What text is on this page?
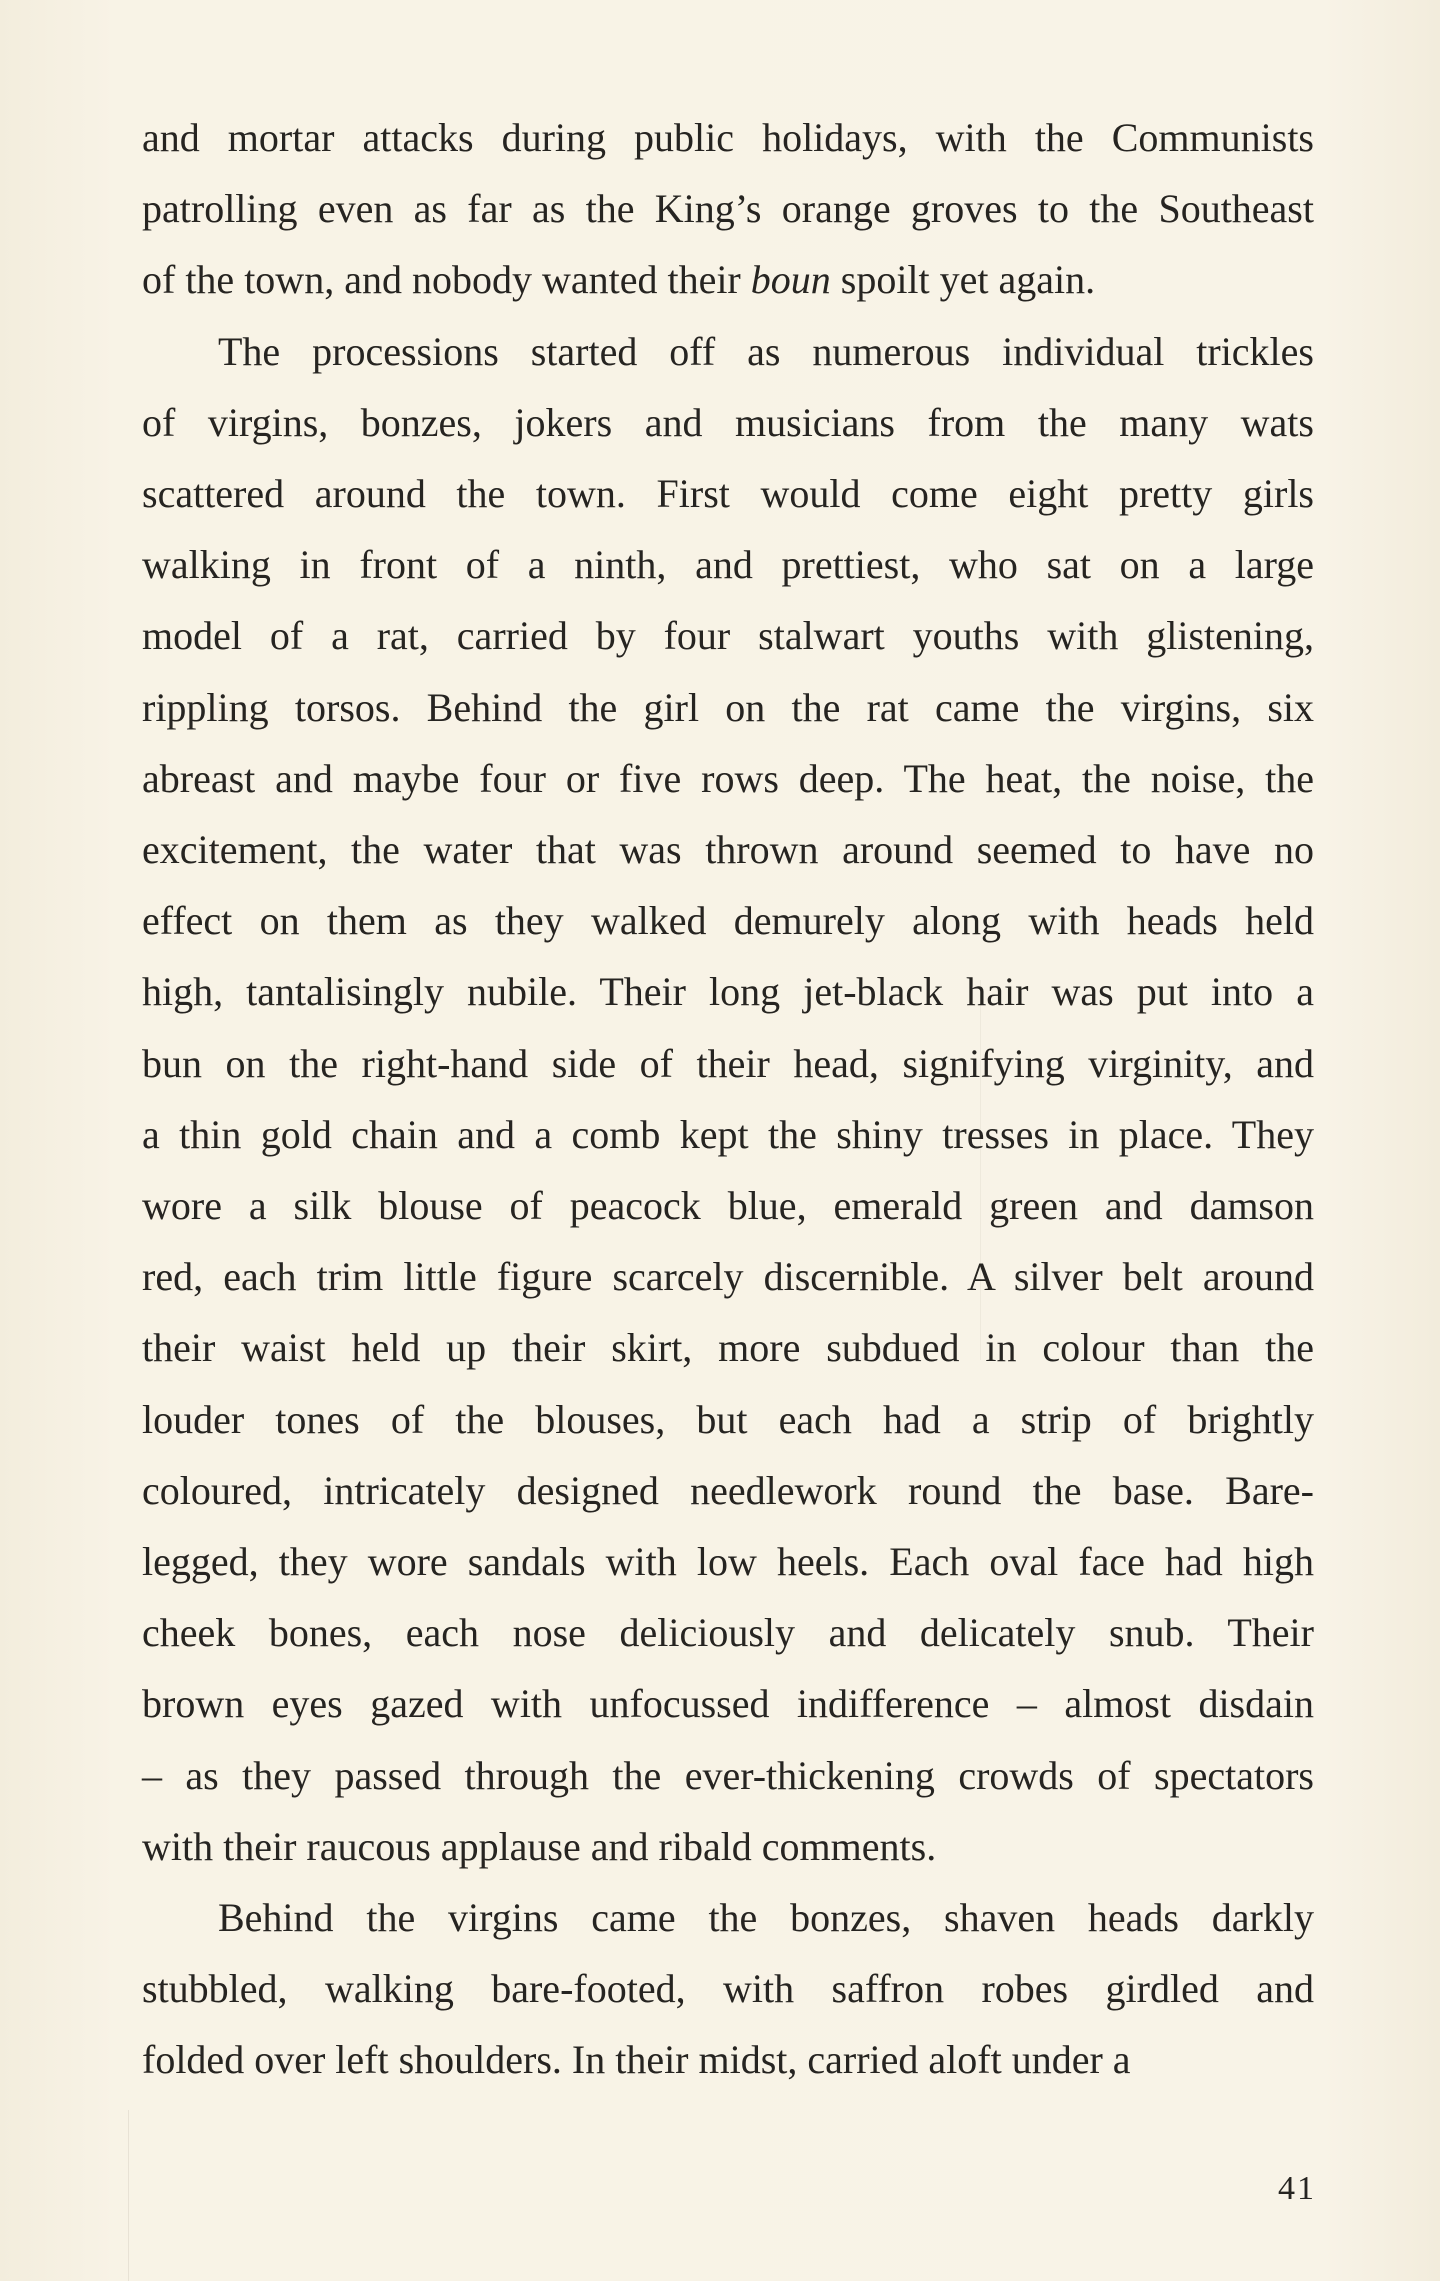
and mortar attacks during public holidays, with the Communists
patrolling even as far as the King’s orange groves to the Southeast
of the town, and nobody wanted their boun spoilt yet again.
The processions started off as numerous individual trickles
of virgins, bonzes, jokers and musicians from the many wats
scattered around the town. First would come eight pretty girls
walking in front of a ninth, and prettiest, who sat on a large
model of a rat, carried by four stalwart youths with glistening,
rippling torsos. Behind the girl on the rat came the virgins, six
abreast and maybe four or five rows deep. The heat, the noise, the
excitement, the water that was thrown around seemed to have no
effect on them as they walked demurely along with heads held
high, tantalisingly nubile. Their long jet-black hair was put into a
bun on the right-hand side of their head, signifying virginity, and
a thin gold chain and a comb kept the shiny tresses in place. They
wore a silk blouse of peacock blue, emerald green and damson
red, each trim little figure scarcely discernible. A silver belt around
their waist held up their skirt, more subdued in colour than the
louder tones of the blouses, but each had a strip of brightly
coloured, intricately designed needlework round the base. Bare-
legged, they wore sandals with low heels. Each oval face had high
cheek bones, each nose deliciously and delicately snub. Their
brown eyes gazed with unfocussed indifference – almost disdain
– as they passed through the ever-thickening crowds of spectators
with their raucous applause and ribald comments.
Behind the virgins came the bonzes, shaven heads darkly
stubbled, walking bare-footed, with saffron robes girdled and
folded over left shoulders. In their midst, carried aloft under a
41
